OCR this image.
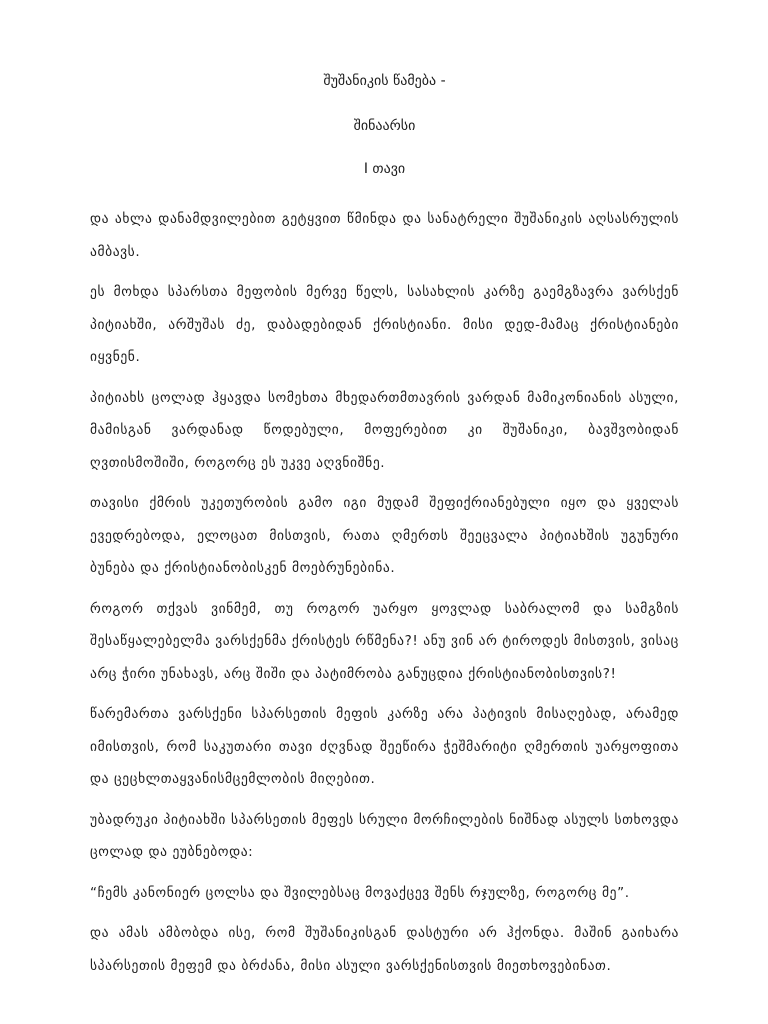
შუშანიკის წამება -

შინაარსი

I თავი

და ახლა დანამდვილებით გეტყვით წმინდა და სანატრელი შუშანიკის აღსასრულის ამბავს.

ეს მოხდა სპარსთა მეფობის მერვე წელს, სასახლის კარზე გაემგზავრა ვარსქენ პიტიახში, არშუშას ძე, დაბადებიდან ქრისტიანი. მისი დედ-მამაც ქრისტიანები იყვნენ.

პიტიახს ცოლად ჰყავდა სომეხთა მხედართმთავრის ვარდან მამიკონიანის ასული, მამისგან ვარდანად წოდებული, მოფერებით კი შუშანიკი, ბავშვობიდან ღვთისმოშიში, როგორც ეს უკვე აღვნიშნე.

თავისი ქმრის უკეთურობის გამო იგი მუდამ შეფიქრიანებული იყო და ყველას ევედრებოდა, ელოცათ მისთვის, რათა ღმერთს შეეცვალა პიტიახშის უგუნური ბუნება და ქრისტიანობისკენ მოებრუნებინა.

როგორ თქვას ვინმემ, თუ როგორ უარყო ყოვლად საბრალომ და სამგზის შესაწყალებელმა ვარსქენმა ქრისტეს რწმენა?! ანუ ვინ არ ტიროდეს მისთვის, ვისაც არც ჭირი უნახავს, არც შიში და პატიმრობა განუცდია ქრისტიანობისთვის?!

წარემართა ვარსქენი სპარსეთის მეფის კარზე არა პატივის მისაღებად, არამედ იმისთვის, რომ საკუთარი თავი ძღვნად შეეწირა ჭეშმარიტი ღმერთის უარყოფითა და ცეცხლთაყვანისმცემლობის მიღებით.

უბადრუკი პიტიახში სპარსეთის მეფეს სრული მორჩილების ნიშნად ასულს სთხოვდა ცოლად და ეუბნებოდა:

“ჩემს კანონიერ ცოლსა და შვილებსაც მოვაქცევ შენს რჯულზე, როგორც მე”.

და ამას ამბობდა ისე, რომ შუშანიკისგან დასტური არ ჰქონდა. მაშინ გაიხარა სპარსეთის მეფემ და ბრძანა, მისი ასული ვარსქენისთვის მიეთხოვებინათ.
